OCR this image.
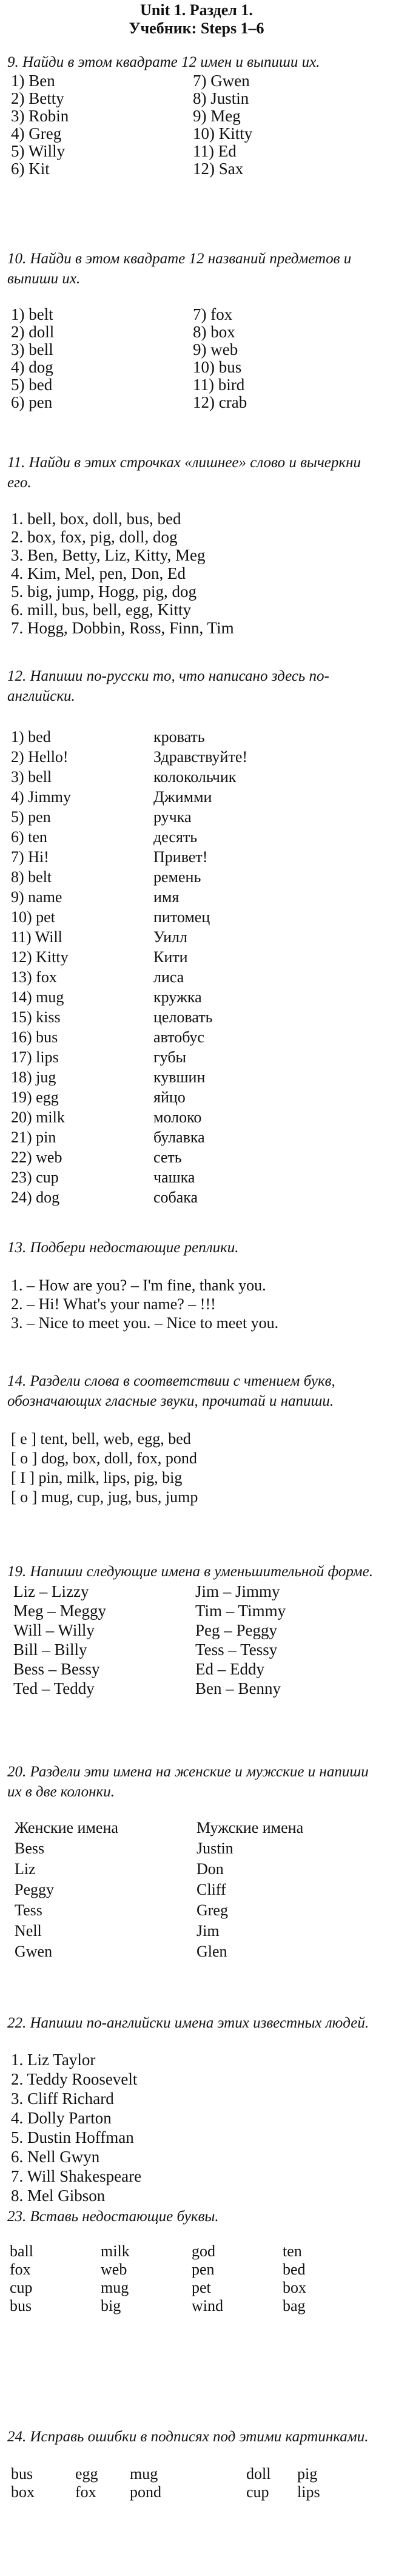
Unit 1. Раздел 1.
Учебник: Steps 1–6

9. Найди в этом квадрате 12 имен и выпиши их.

1) Ben	7) Gwen
2) Betty	8) Justin
3) Robin	9) Meg
4) Greg	10) Kitty
5) Willy	11) Ed
6) Kit	12) Sax

10. Найди в этом квадрате 12 названий предметов и выпиши их.

1) belt	7) fox
2) doll	8) box
3) bell	9) web
4) dog	10) bus
5) bed	11) bird
6) pen	12) crab

11. Найди в этих строчках «лишнее» слово и вычеркни его.

1. bell, box, doll, bus, bed
2. box, fox, pig, doll, dog
3. Ben, Betty, Liz, Kitty, Meg
4. Kim, Mel, pen, Don, Ed
5. big, jump, Hogg, pig, dog
6. mill, bus, bell, egg, Kitty
7. Hogg, Dobbin, Ross, Finn, Tim

12. Напиши по-русски то, что написано здесь по-английски.

1) bed	кровать
2) Hello!	Здравствуйте!
3) bell	колокольчик
4) Jimmy	Джимми
5) pen	ручка
6) ten	десять
7) Hi!	Привет!
8) belt	ремень
9) name	имя
10) pet	питомец
11) Will	Уилл
12) Kitty	Кити
13) fox	лиса
14) mug	кружка
15) kiss	целовать
16) bus	автобус
17) lips	губы
18) jug	кувшин
19) egg	яйцо
20) milk	молоко
21) pin	булавка
22) web	сеть
23) cup	чашка
24) dog	собака

13. Подбери недостающие реплики.

1. – How are you? – I'm fine, thank you.
2. – Hi! What's your name? – !!!
3. – Nice to meet you. – Nice to meet you.

14. Раздели слова в соответствии с чтением букв, обозначающих гласные звуки, прочитай и напиши.

[ e ] tent, bell, web, egg, bed
[ o ] dog, box, doll, fox, pond
[ I ] pin, milk, lips, pig, big
[ o ] mug, cup, jug, bus, jump

19. Напиши следующие имена в уменьшительной форме.

Liz – Lizzy	Jim – Jimmy
Meg – Meggy	Tim – Timmy
Will – Willy	Peg – Peggy
Bill – Billy	Tess – Tessy
Bess – Bessy	Ed – Eddy
Ted – Teddy	Ben – Benny

20. Раздели эти имена на женские и мужские и напиши их в две колонки.

Женские имена	Мужские имена
Bess	Justin
Liz	Don
Peggy	Cliff
Tess	Greg
Nell	Jim
Gwen	Glen

22. Напиши по-английски имена этих известных людей.

1. Liz Taylor
2. Teddy Roosevelt
3. Cliff Richard
4. Dolly Parton
5. Dustin Hoffman
6. Nell Gwyn
7. Will Shakespeare
8. Mel Gibson

23. Вставь недостающие буквы.

ball	milk	god	ten
fox	web	pen	bed
cup	mug	pet	box
bus	big	wind	bag

24. Исправь ошибки в подписях под этими картинками.

bus	egg	mug	doll	pig
box	fox	pond	cup	lips
